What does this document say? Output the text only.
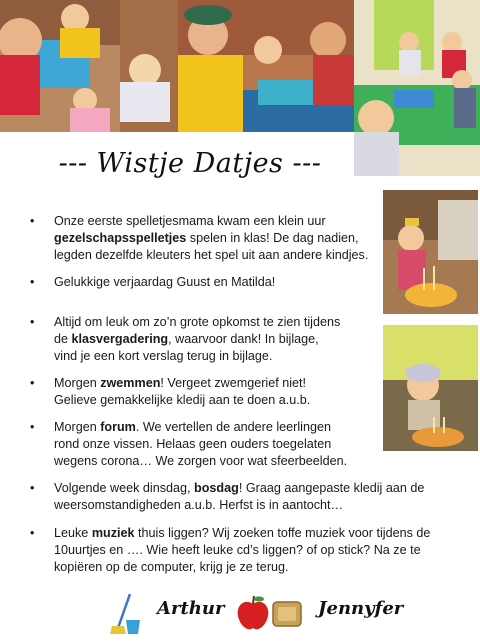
--- Wistje Datjes ---
• Onze eerste spelletjesmama kwam een klein uur
gezelschapsspelletjes spelen in klas! De dag nadien,
legden dezelfde kleuters het spel uit aan andere kindjes.
• Gelukkige verjaardag Guust en Matilda!
• Altijd om leuk om zo’n grote opkomst te zien tijdens
de klasvergadering, waarvoor dank! In bijlage,
vind je een kort verslag terug in bijlage.
• Morgen zwemmen! Vergeet zwemgerief niet!
Gelieve gemakkelijke kledij aan te doen a.u.b.
• Morgen forum. We vertellen de andere leerlingen
rond onze vissen. Helaas geen ouders toegelaten
wegens corona… We zorgen voor wat sfeerbeelden.
• Volgende week dinsdag, bosdag! Graag aangepaste kledij aan de
weersomstandigheden a.u.b. Herfst is in aantocht…
• Leuke muziek thuis liggen? Wij zoeken toffe muziek voor tijdens de
10uurtjes en …. Wie heeft leuke cd’s liggen? of op stick? Na ze te
kopiëren op de computer, krijg je ze terug.
Arthur	Jennyfer
